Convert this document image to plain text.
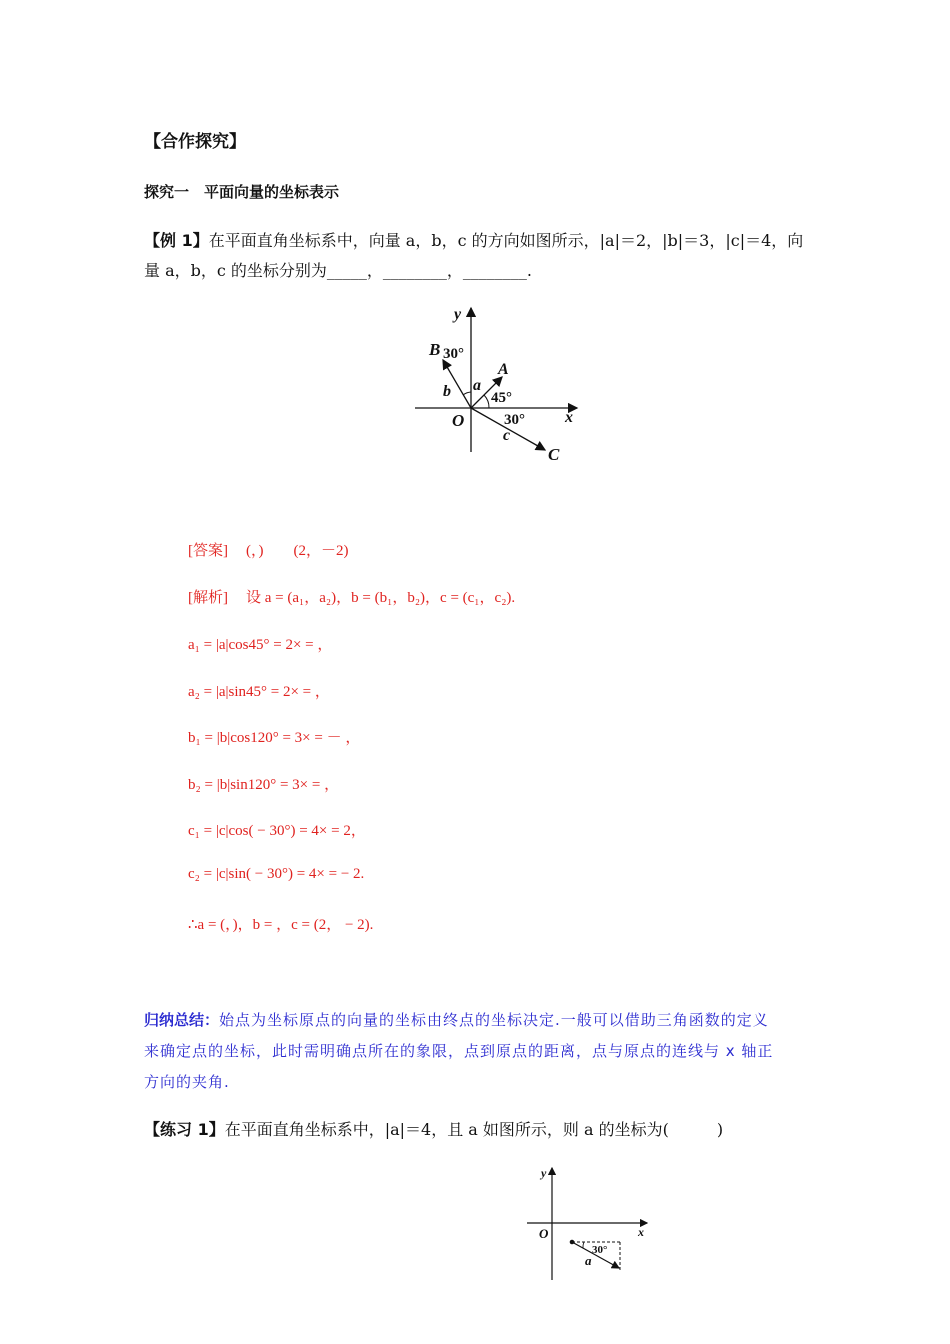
【合作探究】
探究一　平面向量的坐标表示
【例 1】在平面直角坐标系中，向量 a，b，c 的方向如图所示，|a|＝2，|b|＝3，|c|＝4，向
量 a，b，c 的坐标分别为_____，________，________.
y
x
O
B 30°
A
a
b	45°
30°
c
C
[答案] (，)　　(2，－2)
[解析] 设 a = (a₁，a₂)，b = (b₁，b₂)，c = (c₁，c₂).
a₁ = |a|cos45° = 2× = ，
a₂ = |a|sin45° = 2× = ，
b₁ = |b|cos120° = 3× = － ，
b₂ = |b|sin120° = 3× = ，
c₁ = |c|cos( − 30°) = 4× = 2，
c₂ = |c|sin( − 30°) = 4× = − 2.
∴a = (，)，b = ，c = (2， − 2).
归纳总结：始点为坐标原点的向量的坐标由终点的坐标决定.一般可以借助三角函数的定义
来确定点的坐标，此时需明确点所在的象限，点到原点的距离，点与原点的连线与 x 轴正
方向的夹角.
【练习 1】在平面直角坐标系中，|a|＝4，且 a 如图所示，则 a 的坐标为(　　　)
y
x
O
30°
a
